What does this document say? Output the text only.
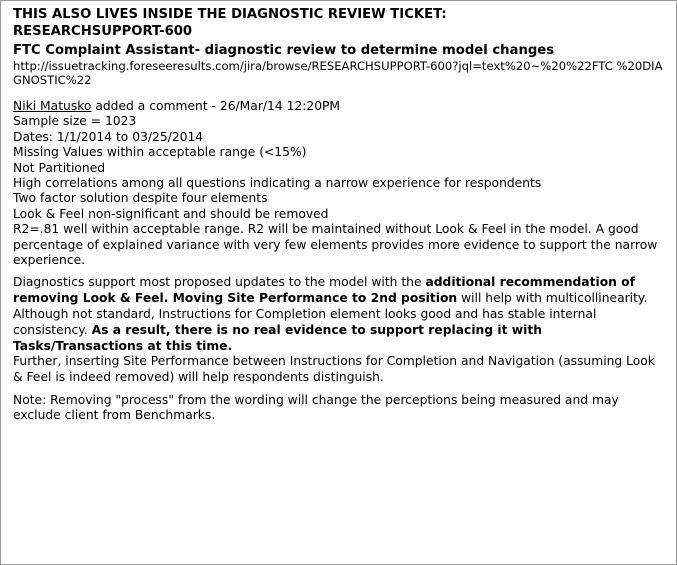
THIS ALSO LIVES INSIDE THE DIAGNOSTIC REVIEW TICKET:
RESEARCHSUPPORT-600
FTC Complaint Assistant- diagnostic review to determine model changes
http://issuetracking.foreseeresults.com/jira/browse/RESEARCHSUPPORT-600?jql=text%20~%20%22FTC %20DIAGNOSTIC%22
Niki Matusko added a comment - 26/Mar/14 12:20PM
Sample size = 1023
Dates: 1/1/2014 to 03/25/2014
Missing Values within acceptable range (<15%)
Not Partitioned
High correlations among all questions indicating a narrow experience for respondents
Two factor solution despite four elements
Look & Feel non-significant and should be removed
R2=.81 well within acceptable range. R2 will be maintained without Look & Feel in the model. A good percentage of explained variance with very few elements provides more evidence to support the narrow experience.
Diagnostics support most proposed updates to the model with the additional recommendation of removing Look & Feel. Moving Site Performance to 2nd position will help with multicollinearity.
Although not standard, Instructions for Completion element looks good and has stable internal consistency. As a result, there is no real evidence to support replacing it with Tasks/Transactions at this time.
Further, inserting Site Performance between Instructions for Completion and Navigation (assuming Look & Feel is indeed removed) will help respondents distinguish.
Note: Removing "process" from the wording will change the perceptions being measured and may exclude client from Benchmarks.
